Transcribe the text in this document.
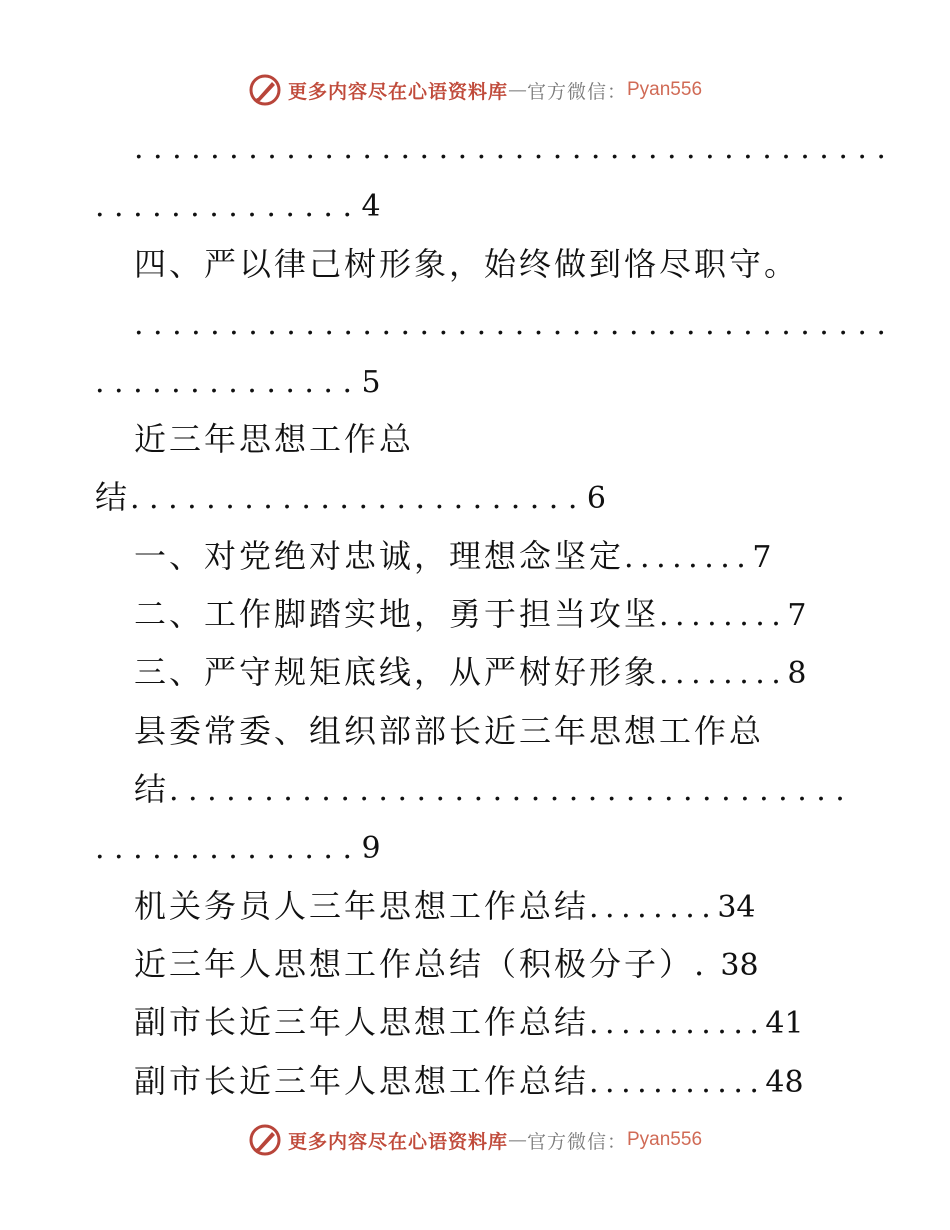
更多内容尽在心语资料库 — 官方微信： Pyan556
........................................
..............4
四、严以律己树形象，始终做到恪尽职守。
........................................
..............5
近三年思想工作总
结........................6
一、对党绝对忠诚，理想念坚定........7
二、工作脚踏实地，勇于担当攻坚........7
三、严守规矩底线，从严树好形象........8
县委常委、组织部部长近三年思想工作总
结....................................
..............9
机关务员人三年思想工作总结........34
近三年人思想工作总结（积极分子）. 38
副市长近三年人思想工作总结...........41
副市长近三年人思想工作总结...........48
更多内容尽在心语资料库 — 官方微信： Pyan556
